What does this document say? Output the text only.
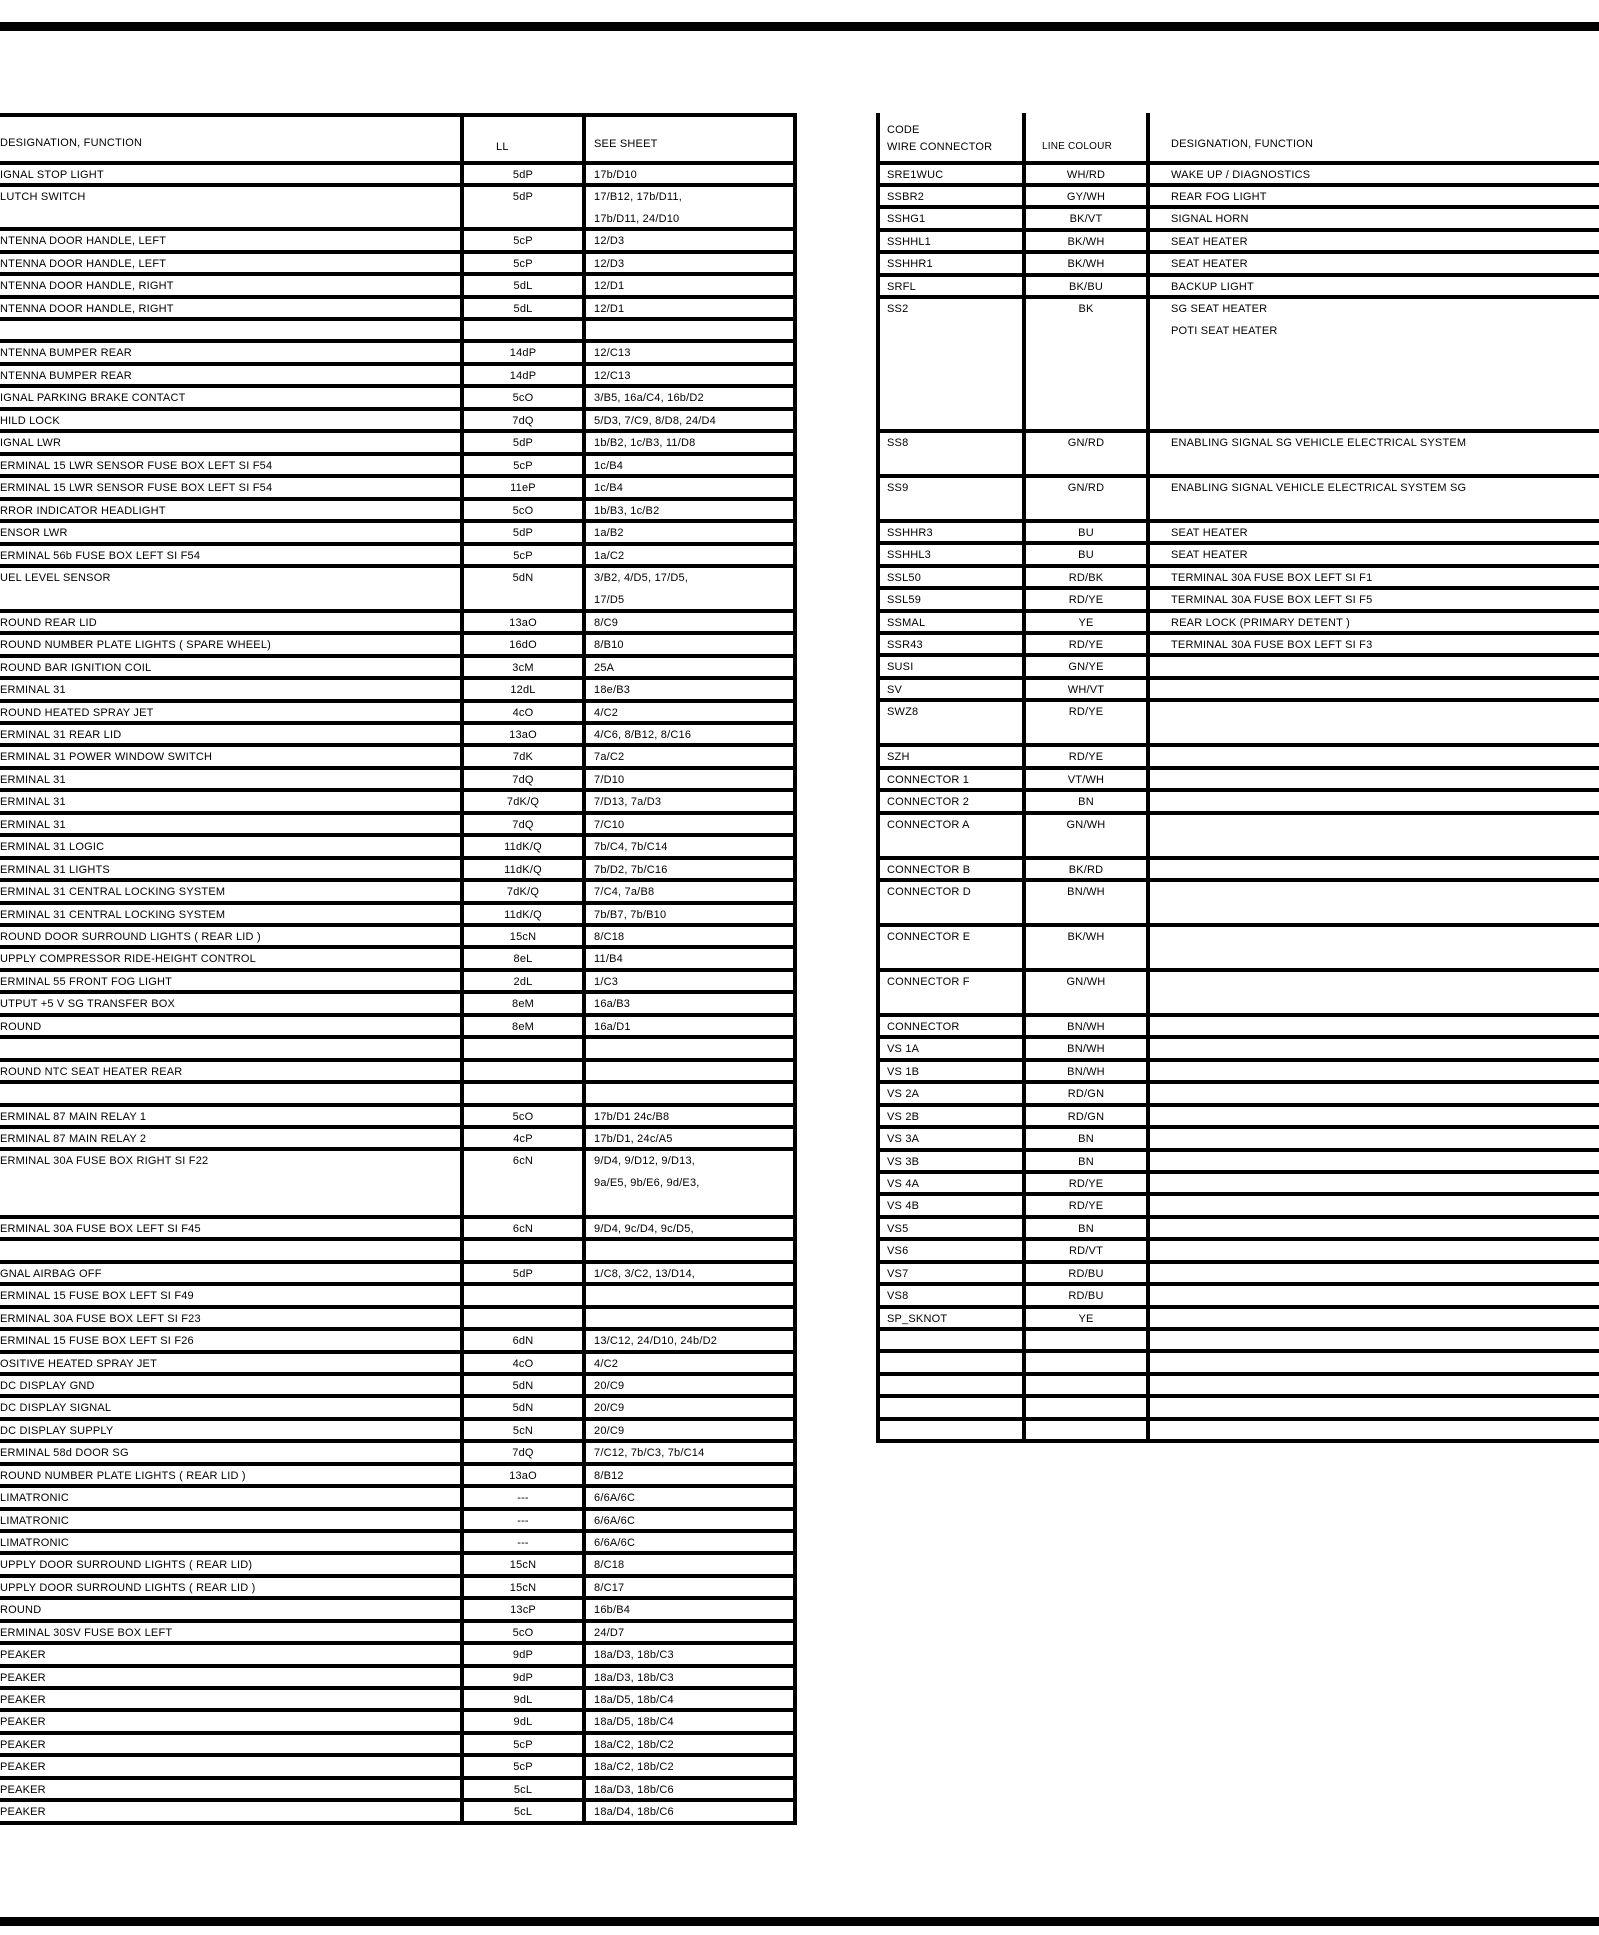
DESIGNATION, FUNCTION	LL	SEE SHEET
IGNAL STOP LIGHT	5dP	17b/D10
LUTCH SWITCH	5dP	17/B12, 17b/D11,
17b/D11, 24/D10
NTENNA DOOR HANDLE, LEFT	5cP	12/D3
NTENNA DOOR HANDLE, LEFT	5cP	12/D3
NTENNA DOOR HANDLE, RIGHT	5dL	12/D1
NTENNA DOOR HANDLE, RIGHT	5dL	12/D1
NTENNA BUMPER REAR	14dP	12/C13
NTENNA BUMPER REAR	14dP	12/C13
IGNAL PARKING BRAKE CONTACT	5cO	3/B5, 16a/C4, 16b/D2
HILD LOCK	7dQ	5/D3, 7/C9, 8/D8, 24/D4
IGNAL LWR	5dP	1b/B2, 1c/B3, 11/D8
ERMINAL 15 LWR SENSOR FUSE BOX LEFT SI F54	5cP	1c/B4
ERMINAL 15 LWR SENSOR FUSE BOX LEFT SI F54	11eP	1c/B4
RROR INDICATOR HEADLIGHT	5cO	1b/B3, 1c/B2
ENSOR LWR	5dP	1a/B2
ERMINAL 56b FUSE BOX LEFT SI F54	5cP	1a/C2
UEL LEVEL SENSOR	5dN	3/B2, 4/D5, 17/D5,
17/D5
ROUND REAR LID	13aO	8/C9
ROUND NUMBER PLATE LIGHTS ( SPARE WHEEL)	16dO	8/B10
ROUND BAR IGNITION COIL	3cM	25A
ERMINAL 31	12dL	18e/B3
ROUND HEATED SPRAY JET	4cO	4/C2
ERMINAL 31 REAR LID	13aO	4/C6, 8/B12, 8/C16
ERMINAL 31 POWER WINDOW SWITCH	7dK	7a/C2
ERMINAL 31	7dQ	7/D10
ERMINAL 31	7dK/Q	7/D13, 7a/D3
ERMINAL 31	7dQ	7/C10
ERMINAL 31 LOGIC	11dK/Q	7b/C4, 7b/C14
ERMINAL 31 LIGHTS	11dK/Q	7b/D2, 7b/C16
ERMINAL 31 CENTRAL LOCKING SYSTEM	7dK/Q	7/C4, 7a/B8
ERMINAL 31 CENTRAL LOCKING SYSTEM	11dK/Q	7b/B7, 7b/B10
ROUND DOOR SURROUND LIGHTS ( REAR LID )	15cN	8/C18
UPPLY COMPRESSOR RIDE-HEIGHT CONTROL	8eL	11/B4
ERMINAL 55 FRONT FOG LIGHT	2dL	1/C3
UTPUT +5 V SG TRANSFER BOX	8eM	16a/B3
ROUND	8eM	16a/D1
ROUND NTC SEAT HEATER REAR
ERMINAL 87 MAIN RELAY 1	5cO	17b/D1 24c/B8
ERMINAL 87 MAIN RELAY 2	4cP	17b/D1, 24c/A5
ERMINAL 30A FUSE BOX RIGHT SI F22	6cN	9/D4, 9/D12, 9/D13,
9a/E5, 9b/E6, 9d/E3,
ERMINAL 30A FUSE BOX LEFT SI F45	6cN	9/D4, 9c/D4, 9c/D5,
GNAL AIRBAG OFF	5dP	1/C8, 3/C2, 13/D14,
ERMINAL 15 FUSE BOX LEFT SI F49
ERMINAL 30A FUSE BOX LEFT SI F23
ERMINAL 15 FUSE BOX LEFT SI F26	6dN	13/C12, 24/D10, 24b/D2
OSITIVE HEATED SPRAY JET	4cO	4/C2
DC DISPLAY GND	5dN	20/C9
DC DISPLAY SIGNAL	5dN	20/C9
DC DISPLAY SUPPLY	5cN	20/C9
ERMINAL 58d DOOR SG	7dQ	7/C12, 7b/C3, 7b/C14
ROUND NUMBER PLATE LIGHTS ( REAR LID )	13aO	8/B12
LIMATRONIC	---	6/6A/6C
LIMATRONIC	---	6/6A/6C
LIMATRONIC	---	6/6A/6C
UPPLY DOOR SURROUND LIGHTS ( REAR LID)	15cN	8/C18
UPPLY DOOR SURROUND LIGHTS ( REAR LID )	15cN	8/C17
ROUND	13cP	16b/B4
ERMINAL 30SV FUSE BOX LEFT	5cO	24/D7
PEAKER	9dP	18a/D3, 18b/C3
PEAKER	9dP	18a/D3, 18b/C3
PEAKER	9dL	18a/D5, 18b/C4
PEAKER	9dL	18a/D5, 18b/C4
PEAKER	5cP	18a/C2, 18b/C2
PEAKER	5cP	18a/C2, 18b/C2
PEAKER	5cL	18a/D3, 18b/C6
PEAKER	5cL	18a/D4, 18b/C6
CODE
WIRE CONNECTOR	LINE COLOUR	DESIGNATION, FUNCTION
SRE1WUC	WH/RD	WAKE UP / DIAGNOSTICS
SSBR2	GY/WH	REAR FOG LIGHT
SSHG1	BK/VT	SIGNAL HORN
SSHHL1	BK/WH	SEAT HEATER
SSHHR1	BK/WH	SEAT HEATER
SRFL	BK/BU	BACKUP LIGHT
SS2	BK	SG SEAT HEATER
POTI SEAT HEATER
SS8	GN/RD	ENABLING SIGNAL SG VEHICLE ELECTRICAL SYSTEM
SS9	GN/RD	ENABLING SIGNAL VEHICLE ELECTRICAL SYSTEM SG
SSHHR3	BU	SEAT HEATER
SSHHL3	BU	SEAT HEATER
SSL50	RD/BK	TERMINAL 30A FUSE BOX LEFT SI F1
SSL59	RD/YE	TERMINAL 30A FUSE BOX LEFT SI F5
SSMAL	YE	REAR LOCK (PRIMARY DETENT )
SSR43	RD/YE	TERMINAL 30A FUSE BOX LEFT SI F3
SUSI	GN/YE
SV	WH/VT
SWZ8	RD/YE
SZH	RD/YE
CONNECTOR 1	VT/WH
CONNECTOR 2	BN
CONNECTOR A	GN/WH
CONNECTOR B	BK/RD
CONNECTOR D	BN/WH
CONNECTOR E	BK/WH
CONNECTOR F	GN/WH
CONNECTOR	BN/WH
VS 1A	BN/WH
VS 1B	BN/WH
VS 2A	RD/GN
VS 2B	RD/GN
VS 3A	BN
VS 3B	BN
VS 4A	RD/YE
VS 4B	RD/YE
VS5	BN
VS6	RD/VT
VS7	RD/BU
VS8	RD/BU
SP_SKNOT	YE
